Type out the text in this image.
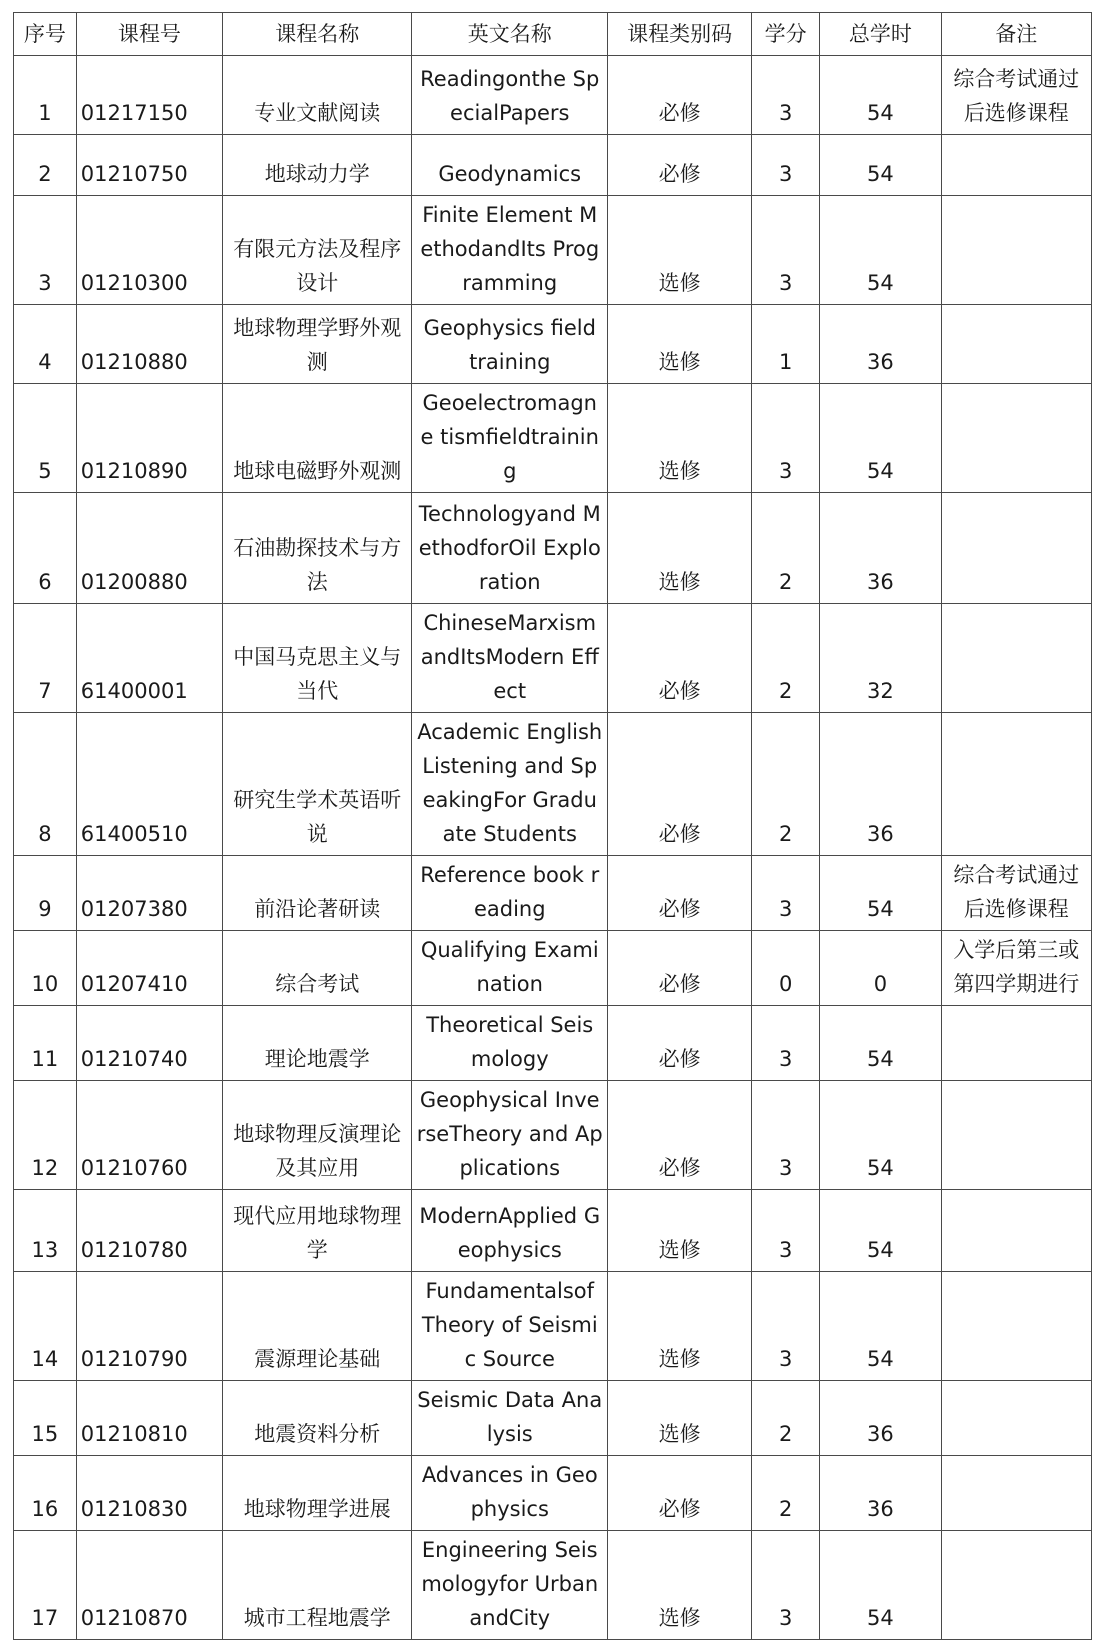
序号	课程号	课程名称	英文名称	课程类别码	学分	总学时	备注
1	01217150	专业文献阅读	Readingonthe SpecialPapers	必修	3	54	综合考试通过后选修课程
2	01210750	地球动力学	Geodynamics	必修	3	54	
3	01210300	有限元方法及程序设计	Finite Element MethodandIts Programming	选修	3	54	
4	01210880	地球物理学野外观测	Geophysics field training	选修	1	36	
5	01210890	地球电磁野外观测	Geoelectromagne tismfieldtraining	选修	3	54	
6	01200880	石油勘探技术与方法	Technologyand MethodforOil Exploration	选修	2	36	
7	61400001	中国马克思主义与当代	ChineseMarxism andItsModern Effect	必修	2	32	
8	61400510	研究生学术英语听说	Academic English Listening and SpeakingFor Graduate Students	必修	2	36	
9	01207380	前沿论著研读	Reference book reading	必修	3	54	综合考试通过后选修课程
10	01207410	综合考试	Qualifying Examination	必修	0	0	入学后第三或第四学期进行
11	01210740	理论地震学	Theoretical Seismology	必修	3	54	
12	01210760	地球物理反演理论及其应用	Geophysical InverseTheory and Applications	必修	3	54	
13	01210780	现代应用地球物理学	ModernApplied Geophysics	选修	3	54	
14	01210790	震源理论基础	Fundamentalsof Theory of Seismic Source	选修	3	54	
15	01210810	地震资料分析	Seismic Data Analysis	选修	2	36	
16	01210830	地球物理学进展	Advances in Geophysics	必修	2	36	
17	01210870	城市工程地震学	Engineering Seismologyfor UrbanandCity	选修	3	54	
